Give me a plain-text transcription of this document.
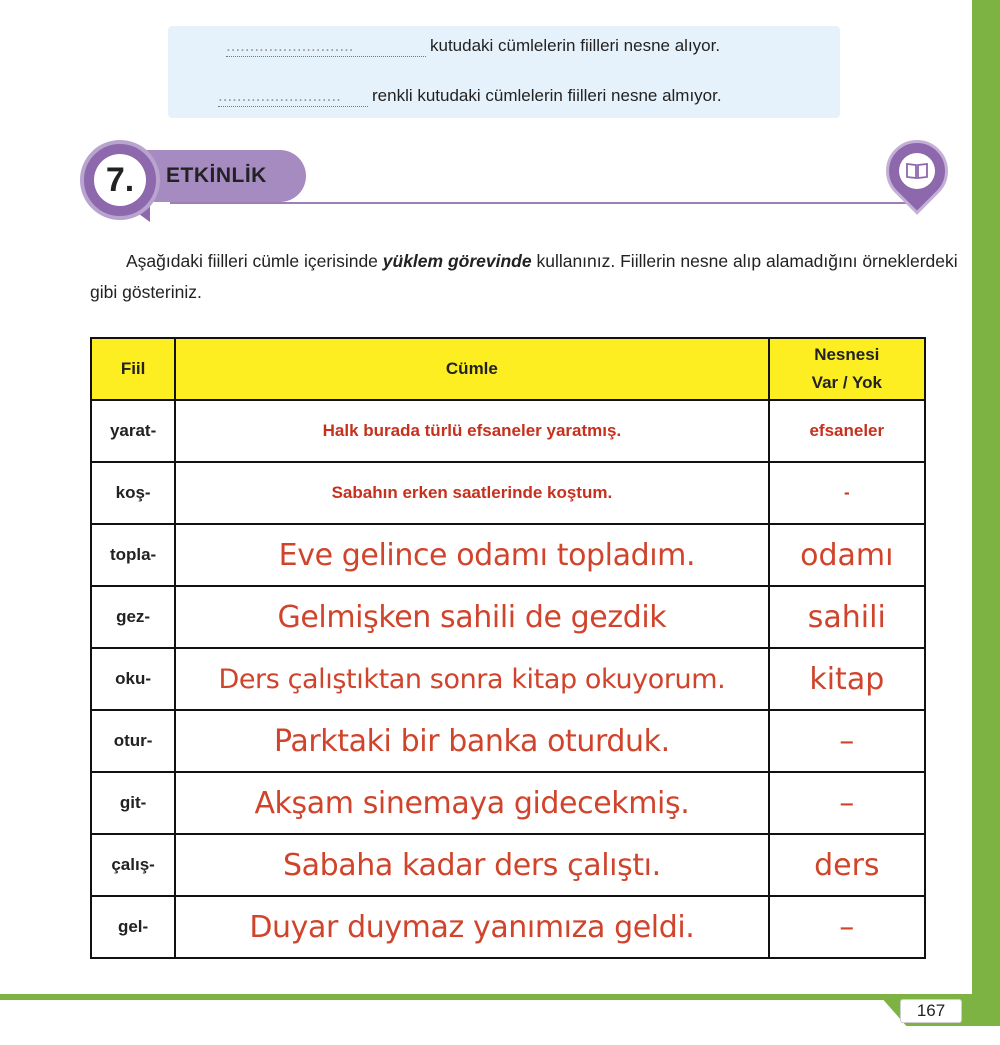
...........................	kutudaki cümlelerin fiilleri nesne alıyor.
.......................... renkli kutudaki cümlelerin fiilleri nesne almıyor.
7.	ETKİNLİK
Aşağıdaki fiilleri cümle içerisinde yüklem görevinde kullanınız. Fiillerin nesne alıp alamadığını örneklerdeki gibi gösteriniz.
Fiil	Cümle	Nesnesi
Var / Yok
yarat-	Halk burada türlü efsaneler yaratmış.	efsaneler
koş-	Sabahın erken saatlerinde koştum.	-
topla-	Eve gelince odamı topladım.	odamı
gez-	Gelmişken sahili de gezdik	sahili
oku-	Ders çalıştıktan sonra kitap okuyorum.	kitap
otur-	Parktaki bir banka oturduk.	–
git-	Akşam sinemaya gidecekmiş.	–
çalış-	Sabaha kadar ders çalıştı.	ders
gel-	Duyar duymaz yanımıza geldi.	–
167
